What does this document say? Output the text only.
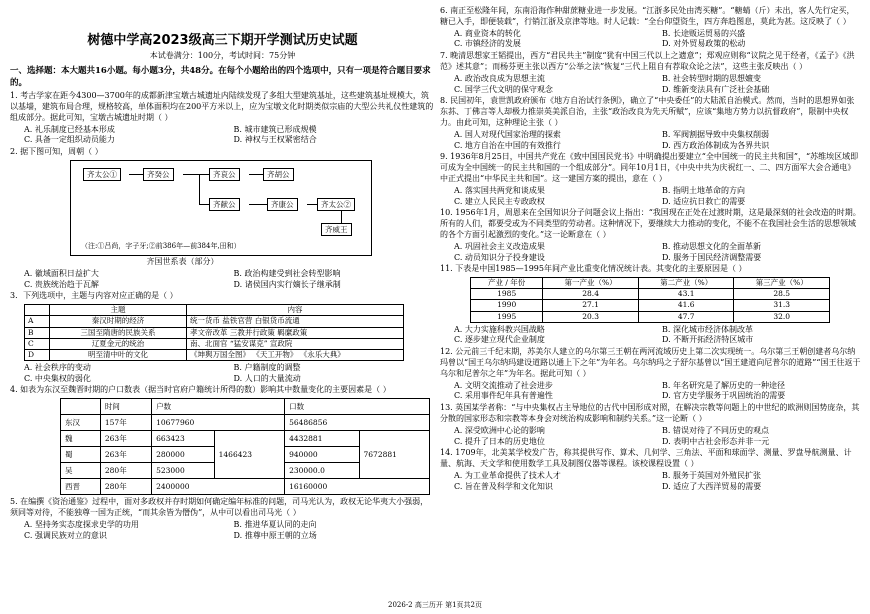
树德中学高2023级高三下期开学测试历史试题
本试卷满分：100分，考试时间：75分钟

一、选择题：本大题共16小题。每小题3分，共48分。在每个小题给出的四个选项中，只有一项是符合题目要求的。

1. 考古学家在距今4300—3700年的成都新津宝墩古城遗址内陆续发现了多组大型建筑基址，这些建筑基址规模大，筑以基墙，建筑布局合理，规格较高，单体面积均在200平方米以上，应为宝墩文化时期类似宗庙的大型公共礼仪性建筑的组成部分。据此可知，宝墩古城遗址时期（ ）

A. 礼乐制度已经基本形成	B. 城市建筑已形成规模
C. 具备一定组织动员能力	D. 神权与王权紧密结合

2. 据下图可知，周朝（ ）

齐太公①	齐癸公	齐哀公
齐献公
齐胡公
齐康公	齐太公②
齐威王
（注:①吕尚，字子牙;②前386年—前384年,田和）
齐国世系表（部分）
A. 徽域面积日益扩大	B. 政治构建受到社会转型影响
C. 贵族统治趋于瓦解	D. 诸侯国内实行嫡长子继承制

3．下列选项中，主题与内容对应正确的是（ ）

	主题	内容
A	秦汉时期的经济	统一货币 盐铁官营 白银货币流通
B	三国至隋唐的民族关系	孝文帝改革 三教并行政策 羁縻政策
C	辽夏金元的统治	南、北面官 “猛安谋克” 宣政院
D	明至清中叶的文化	《坤舆万国全图》 《天工开物》 《永乐大典》
A. 社会秩序的变动	B. 户籍制度的调整
C. 中央集权的弱化	D. 人口的大量流动

4. 如表为东汉至魏晋时期的户口数表（据当时官府户籍统计所得的数）影响其中数量变化的主要因素是（ ）

	时间	户数		口数	
东汉	157年	10677960		56486856	
魏	263年	663423	1466423	4432881	7672881
蜀	263年	280000		940000	
吴	280年	523000		230000.0	
西晋	280年	2400000		16160000	

5. 在编撰《资治通鉴》过程中，面对多政权并存时期如何确定编年标准的问题，司马光认为，政权无论华夷大小强弱，须同等对待，不能独尊一国为正统，“而其余皆为僭伪”，从中可以看出司马光（ ）

A. 坚持务实态度探求史学的功用	B. 推进华夏认同的走向
C. 强调民族对立的意识	D. 推尊中原王朝的立场

6. 南正至松隆年间，东南沿海作种甜蔗糖业进一步发展。“江浙多民处由湾买糖”。“糖蜻（斤）未出，客人先行定买，糖已入手，即便装载”，行销江浙及京津等地。时人记载：“全台仰望资生，四方奔趋图息，莫此为甚。这反映了（ ）

A. 商业资本的转化	B. 长途贩运贸易的兴盛
C. 市镇经济的发展	D. 对外贸易政策的松动

7. 晚清思想家王韬提出，西方“君民共主”制度“犹有中国三代以上之遗意”；郑观应则称“议院之见于经者，《孟子》《洪范》述其意”；而杨芬更主张以西方“公举之法”恢复“三代上阻自有荐取众论之法”，这些主张反映出（ ）

A. 政治改良成为思想主流	B. 社会转型时期的思想嬗变
C. 国学三代文明的保守观念	D. 维新变法具有广泛社会基础

8. 民国初年，袁世凯政府颁布《地方自治试行条例》，确立了“中央委任”的大陆派自治模式。然而，当时的思想界如张东荪、丁佛言等人却极力推崇英美派自治，主张“政治改良为先天所赋”，应该“集地方势力以抗督政府”，限制中央权力。由此可知，这种理论主张（ ）

A. 国人对现代国家治理的探索	B. 军阀割据导致中央集权削弱
C. 地方自治在中国的有效推行	D. 西方政治体制成为各界共识

9. 1936年8月25日，中国共产党在《致中国国民党书》中明确提出要建立“全中国统一的民主共和国”，“苏维埃区域即可成为全中国统一的民主共和国的一个组成部分”。同年10月1日，《中央中共为庆祝红一、二、四方面军大会合通电》中正式提出“中华民主共和国”。这一建国方案的提出，意在（ ）

A. 落实国共两党和谈成果	B. 指明土地革命的方向
C. 建立人民民主专政政权	D. 适应抗日救亡的需要

10. 1956年1月，周恩来在全国知识分子问题会议上指出：“我国现在正处在过渡时期，这是最深刻的社会改造的时期。所有的人们，都要受或为不同类型的劳动者。这种情况下，要继续大力推动的变化，不能不在我国社会生活的思想领域的各个方面引起激烈的变化。”这一论断意在（ ）

A. 巩固社会主义改造成果	B. 推动思想文化的全面革新
C. 动员知识分子投身建设	D. 服务于国民经济调整需要

11. 下表是中国1985—1995年间产业比重变化情况统计表。其变化的主要原因是（ ）

产业 / 年份	第一产业（%）	第二产业（%）	第三产业（%）
1985	28.4	43.1	28.5
1990	27.1	41.6	31.3
1995	20.3	47.7	32.0
A. 大力实施科教兴国战略	B. 深化城市经济体制改革
C. 逐步建立现代企业制度	D. 不断开拓经济特区城市

12. 公元前三千纪末期，苏美尔人建立的乌尔第三王朝在两河流域历史上第二次实现统一。乌尔第三王朝创建者乌尔纳玛曾以“国王乌尔纳玛建设道路以通上下之年”为年名。乌尔纳玛之子舒尔基曾以“国王建道向尼普尔的道路”“国王往返于乌尔和尼普尔之年”为年名。据此可知（ ）

A. 文明交流推动了社会进步	B. 年名研究是了解历史的一种途径
C. 采用事件纪年具有普遍性	D. 官方史学服务于巩固统治的需要

13. 英国某学者称：“与中央集权占主导地位的古代中国形成对照，在解决宗教等问题上的中世纪的欧洲则国势庞杂，其分散的国家形态和宗教等本身会对统治构成影响和制约关系。”这一论断（ ）

A. 深受欧洲中心论的影响	B. 错误对待了不同历史的观点
C. 提升了日本的历史地位	D. 表明中古社会形态并非一元

14. 1709年，北美某学校发广告，称其提供写作、算术、几何学、三角法、平面和球面学、测量、罗盘导航测量、计量、航海、天文学和使用数学工具及制图仪器等课程。该校课程设置（ ）

A. 为工业革命提供了技术人才	B. 服务于英国对外殖民扩张
C. 旨在普及科学和文化知识	D. 适应了大西洋贸易的需要
2026-2 高三历开 第1页共2页
